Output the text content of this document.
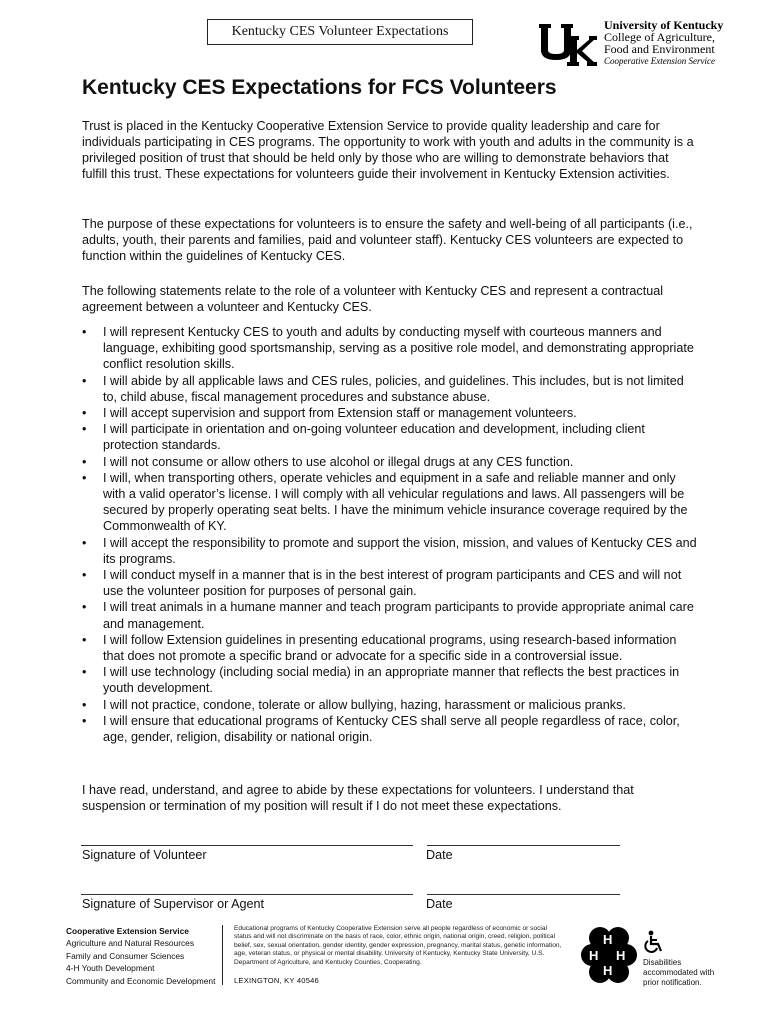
Kentucky CES Volunteer Expectations	University of Kentucky
College of Agriculture,
Food and Environment
Cooperative Extension Service
Kentucky CES Expectations for FCS Volunteers

Trust is placed in the Kentucky Cooperative Extension Service to provide quality leadership and care for individuals participating in CES programs. The opportunity to work with youth and adults in the community is a privileged position of trust that should be held only by those who are willing to demonstrate behaviors that fulfill this trust. These expectations for volunteers guide their involvement in Kentucky Extension activities.

The purpose of these expectations for volunteers is to ensure the safety and well-being of all participants (i.e., adults, youth, their parents and families, paid and volunteer staff). Kentucky CES volunteers are expected to function within the guidelines of Kentucky CES.

The following statements relate to the role of a volunteer with Kentucky CES and represent a contractual agreement between a volunteer and Kentucky CES.

• I will represent Kentucky CES to youth and adults by conducting myself with courteous manners and language, exhibiting good sportsmanship, serving as a positive role model, and demonstrating appropriate conflict resolution skills.
• I will abide by all applicable laws and CES rules, policies, and guidelines. This includes, but is not limited to, child abuse, fiscal management procedures and substance abuse.
• I will accept supervision and support from Extension staff or management volunteers.
• I will participate in orientation and on-going volunteer education and development, including client protection standards.
• I will not consume or allow others to use alcohol or illegal drugs at any CES function.
• I will, when transporting others, operate vehicles and equipment in a safe and reliable manner and only with a valid operator’s license. I will comply with all vehicular regulations and laws. All passengers will be secured by properly operating seat belts. I have the minimum vehicle insurance coverage required by the Commonwealth of KY.
• I will accept the responsibility to promote and support the vision, mission, and values of Kentucky CES and its programs.
• I will conduct myself in a manner that is in the best interest of program participants and CES and will not use the volunteer position for purposes of personal gain.
• I will treat animals in a humane manner and teach program participants to provide appropriate animal care and management.
• I will follow Extension guidelines in presenting educational programs, using research-based information that does not promote a specific brand or advocate for a specific side in a controversial issue.
• I will use technology (including social media) in an appropriate manner that reflects the best practices in youth development.
• I will not practice, condone, tolerate or allow bullying, hazing, harassment or malicious pranks.
• I will ensure that educational programs of Kentucky CES shall serve all people regardless of race, color, age, gender, religion, disability or national origin.

I have read, understand, and agree to abide by these expectations for volunteers. I understand that suspension or termination of my position will result if I do not meet these expectations.

Signature of Volunteer	Date
Signature of Supervisor or Agent	Date
Cooperative Extension Service
Agriculture and Natural Resources
Family and Consumer Sciences
4-H Youth Development
Community and Economic Development
Educational programs of Kentucky Cooperative Extension serve all people regardless of economic or social status and will not discriminate on the basis of race, color, ethnic origin, national origin, creed, religion, political belief, sex, sexual orientation, gender identity, gender expression, pregnancy, marital status, genetic information, age, veteran status, or physical or mental disability. University of Kentucky, Kentucky State University, U.S. Department of Agriculture, and Kentucky Counties, Cooperating.
LEXINGTON, KY 40546
H
H
H
H	Disabilities accommodated with prior notification.
